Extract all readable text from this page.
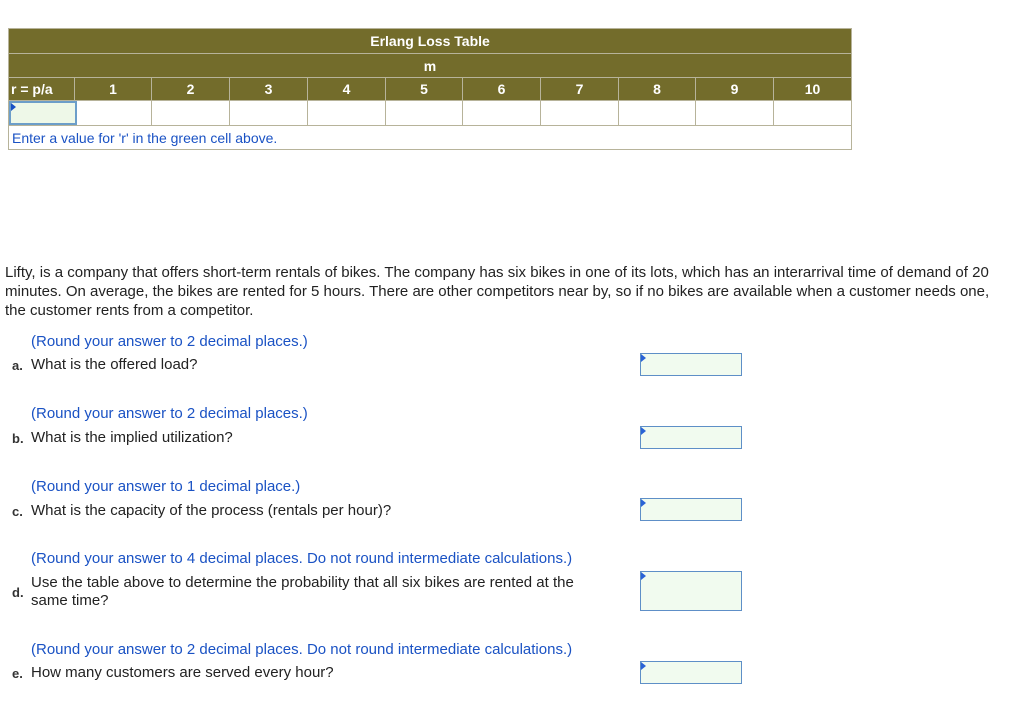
Erlang Loss Table										
m										
r = p/a	1	2	3	4	5	6	7	8	9	10

Enter a value for 'r' in the green cell above.										
Lifty, is a company that offers short-term rentals of bikes. The company has six bikes in one of its lots, which has an interarrival time of demand of 20 minutes. On average, the bikes are rented for 5 hours. There are other competitors near by, so if no bikes are available when a customer needs one, the customer rents from a competitor.
(Round your answer to 2 decimal places.)
a. What is the offered load?
(Round your answer to 2 decimal places.)
b. What is the implied utilization?
(Round your answer to 1 decimal place.)
c. What is the capacity of the process (rentals per hour)?
(Round your answer to 4 decimal places. Do not round intermediate calculations.)
d.
Use the table above to determine the probability that all six bikes are rented at the same time?
(Round your answer to 2 decimal places. Do not round intermediate calculations.)
e. How many customers are served every hour?
